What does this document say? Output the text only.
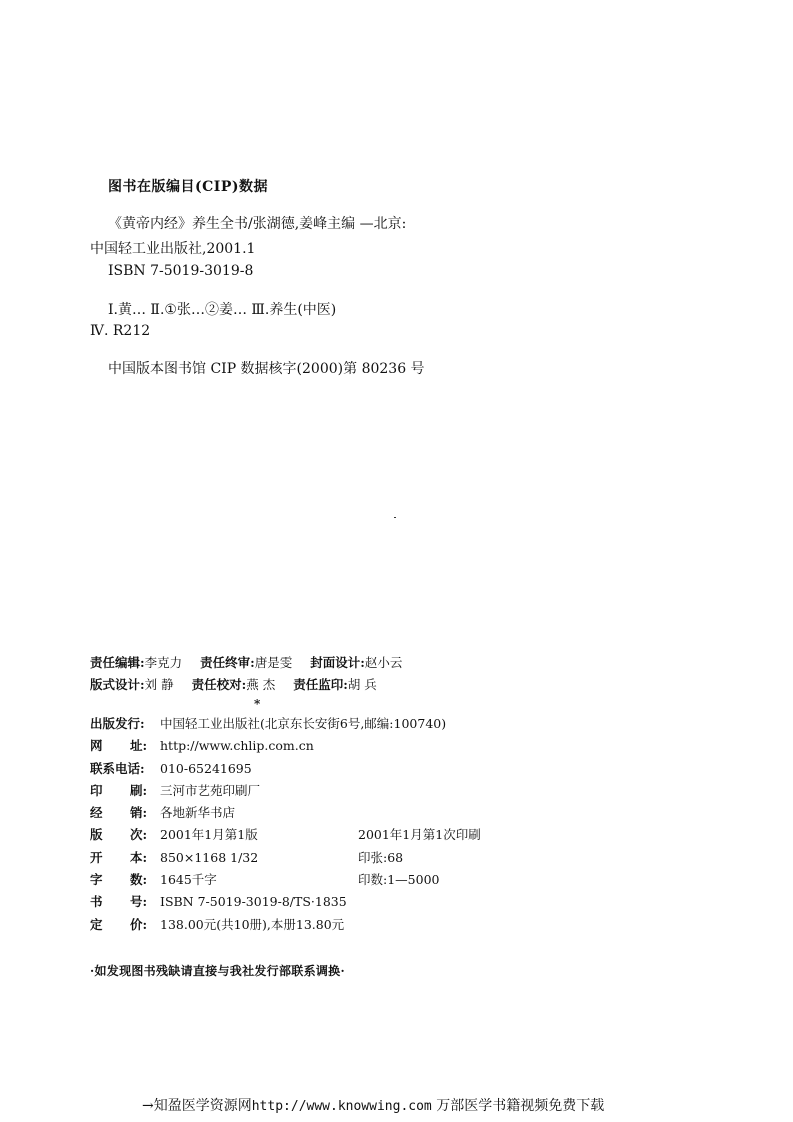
图书在版编目(CIP)数据
《黄帝内经》养生全书/张湖德,姜峰主编 —北京:
中国轻工业出版社,2001.1
ISBN 7-5019-3019-8
Ⅰ.黄… Ⅱ.①张…②姜… Ⅲ.养生(中医)
Ⅳ. R212
中国版本图书馆 CIP 数据核字(2000)第 80236 号
责任编辑:李克力 责任终审:唐是雯 封面设计:赵小云
版式设计:刘 静 责任校对:燕 杰 责任监印:胡 兵
*
出版发行: 中国轻工业出版社(北京东长安街6号,邮编:100740)
网 址: http://www.chlip.com.cn
联系电话: 010-65241695
印 刷: 三河市艺苑印刷厂
经 销: 各地新华书店
版 次: 2001年1月第1版	2001年1月第1次印刷
开 本: 850×1168 1/32	印张:68
字 数: 1645千字	印数:1—5000
书 号: ISBN 7-5019-3019-8/TS·1835
定 价: 138.00元(共10册),本册13.80元
·如发现图书残缺请直接与我社发行部联系调换·
→知盈医学资源网http://www.knowwing.com 万部医学书籍视频免费下载
